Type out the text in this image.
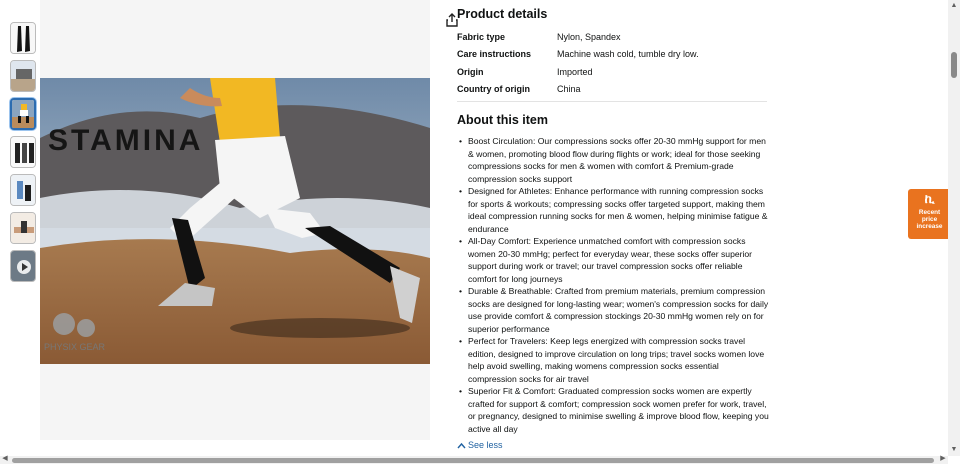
STAMINA
PHYSIX GEAR
Product details
Fabric type	Nylon, Spandex
Care instructions	Machine wash cold, tumble dry low.
Origin	Imported
Country of origin	China
About this item
• Boost Circulation: Our compressions socks offer 20-30 mmHg support for men & women, promoting blood flow during flights or work; ideal for those seeking compressions socks for men & women with comfort & Premium-grade compression socks support
• Designed for Athletes: Enhance performance with running compression socks for sports & workouts; compressing socks offer targeted support, making them ideal compression running socks for men & women, helping minimise fatigue & endurance
• All-Day Comfort: Experience unmatched comfort with compression socks women 20-30 mmHg; perfect for everyday wear, these socks offer superior support during work or travel; our travel compression socks offer reliable comfort for long journeys
• Durable & Breathable: Crafted from premium materials, premium compression socks are designed for long-lasting wear; women's compression socks for daily use provide comfort & compression stockings 20-30 mmHg women rely on for superior performance
• Perfect for Travelers: Keep legs energized with compression socks travel edition, designed to improve circulation on long trips; travel socks women love help avoid swelling, making womens compression socks essential compression socks for air travel
• Superior Fit & Comfort: Graduated compression socks women are expertly crafted for support & comfort; compression sock women prefer for work, travel, or pregnancy, designed to minimise swelling & improve blood flow, keeping you active all day
See less
ኪ
Recent
price
increase
▲
▼
◀	▶
